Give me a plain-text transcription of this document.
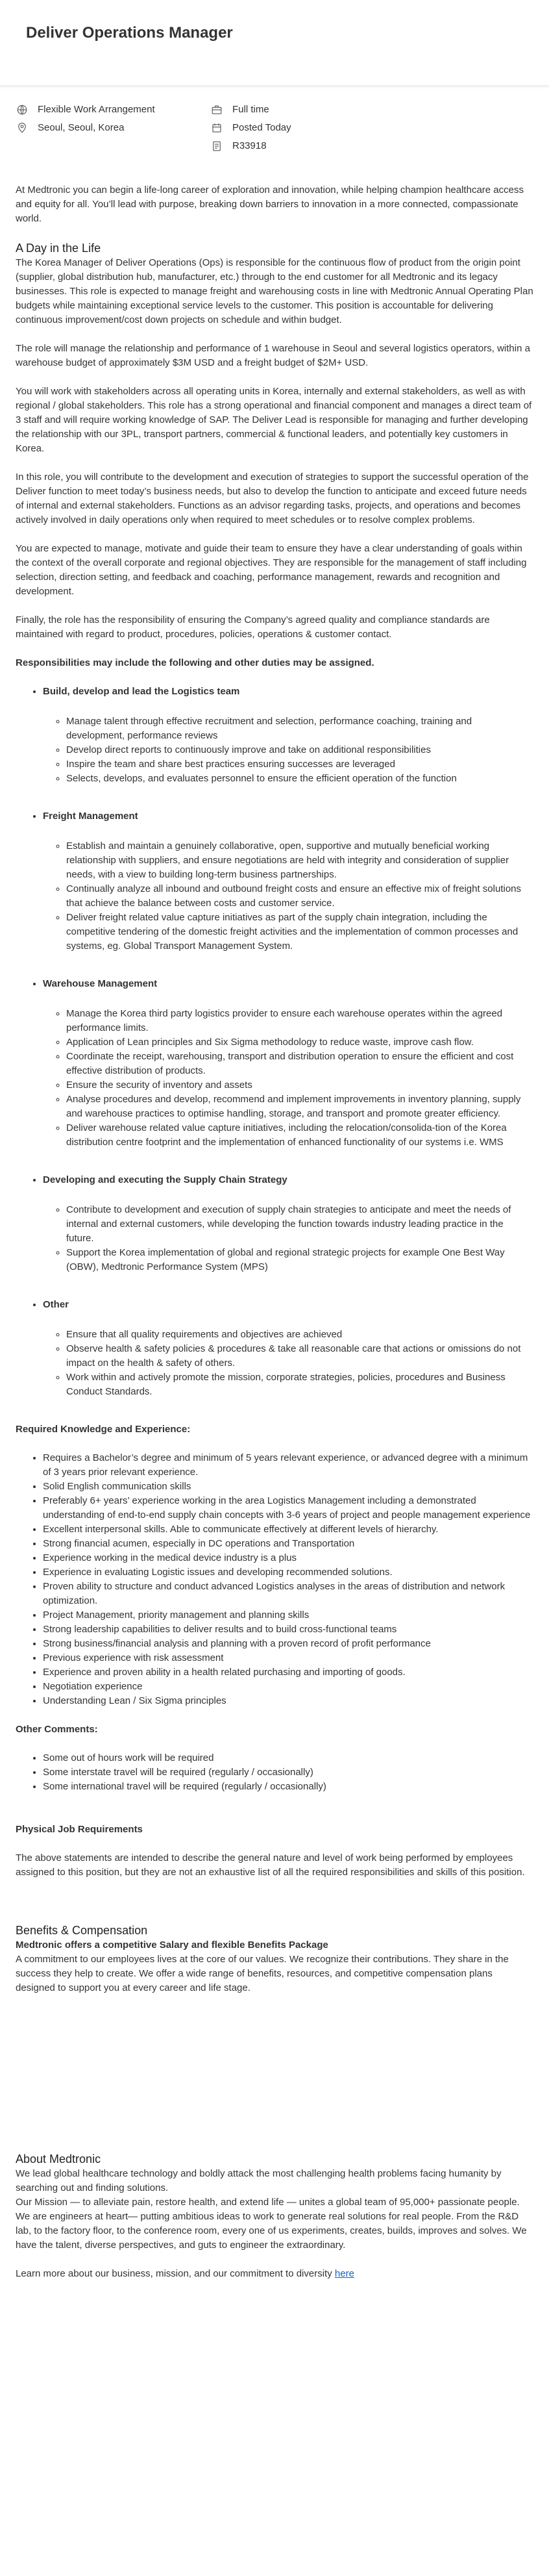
Deliver Operations Manager
Flexible Work Arrangement	Full time
Seoul, Seoul, Korea	Posted Today
R33918

At Medtronic you can begin a life-long career of exploration and innovation, while helping champion healthcare access and equity for all. You’ll lead with purpose, breaking down barriers to innovation in a more connected, compassionate world.

A Day in the Life

The Korea Manager of Deliver Operations (Ops) is responsible for the continuous flow of product from the origin point (supplier, global distribution hub, manufacturer, etc.) through to the end customer for all Medtronic and its legacy businesses. This role is expected to manage freight and warehousing costs in line with Medtronic Annual Operating Plan budgets while maintaining exceptional service levels to the customer. This position is accountable for delivering continuous improvement/cost down projects on schedule and within budget.

The role will manage the relationship and performance of 1 warehouse in Seoul and several logistics operators, within a warehouse budget of approximately $3M USD and a freight budget of $2M+ USD.

You will work with stakeholders across all operating units in Korea, internally and external stakeholders, as well as with regional / global stakeholders. This role has a strong operational and financial component and manages a direct team of 3 staff and will require working knowledge of SAP. The Deliver Lead is responsible for managing and further developing the relationship with our 3PL, transport partners, commercial & functional leaders, and potentially key customers in Korea.

In this role, you will contribute to the development and execution of strategies to support the successful operation of the Deliver function to meet today’s business needs, but also to develop the function to anticipate and exceed future needs of internal and external stakeholders. Functions as an advisor regarding tasks, projects, and operations and becomes actively involved in daily operations only when required to meet schedules or to resolve complex problems.

You are expected to manage, motivate and guide their team to ensure they have a clear understanding of goals within the context of the overall corporate and regional objectives. They are responsible for the management of staff including selection, direction setting, and feedback and coaching, performance management, rewards and recognition and development.

Finally, the role has the responsibility of ensuring the Company’s agreed quality and compliance standards are maintained with regard to product, procedures, policies, operations & customer contact.

Responsibilities may include the following and other duties may be assigned.

• Build, develop and lead the Logistics team
◦ Manage talent through effective recruitment and selection, performance coaching, training and development, performance reviews
◦ Develop direct reports to continuously improve and take on additional responsibilities
◦ Inspire the team and share best practices ensuring successes are leveraged
◦ Selects, develops, and evaluates personnel to ensure the efficient operation of the function
• Freight Management
◦ Establish and maintain a genuinely collaborative, open, supportive and mutually beneficial working relationship with suppliers, and ensure negotiations are held with integrity and consideration of supplier needs, with a view to building long-term business partnerships.
◦ Continually analyze all inbound and outbound freight costs and ensure an effective mix of freight solutions that achieve the balance between costs and customer service.
◦ Deliver freight related value capture initiatives as part of the supply chain integration, including the competitive tendering of the domestic freight activities and the implementation of common processes and systems, eg. Global Transport Management System.
• Warehouse Management
◦ Manage the Korea third party logistics provider to ensure each warehouse operates within the agreed performance limits.
◦ Application of Lean principles and Six Sigma methodology to reduce waste, improve cash flow.
◦ Coordinate the receipt, warehousing, transport and distribution operation to ensure the efficient and cost effective distribution of products.
◦ Ensure the security of inventory and assets
◦ Analyse procedures and develop, recommend and implement improvements in inventory planning, supply and warehouse practices to optimise handling, storage, and transport and promote greater efficiency.
◦ Deliver warehouse related value capture initiatives, including the relocation/consolida-tion of the Korea distribution centre footprint and the implementation of enhanced functionality of our systems i.e. WMS
• Developing and executing the Supply Chain Strategy
◦ Contribute to development and execution of supply chain strategies to anticipate and meet the needs of internal and external customers, while developing the function towards industry leading practice in the future.
◦ Support the Korea implementation of global and regional strategic projects for example One Best Way (OBW), Medtronic Performance System (MPS)
• Other
◦ Ensure that all quality requirements and objectives are achieved
◦ Observe health & safety policies & procedures & take all reasonable care that actions or omissions do not impact on the health & safety of others.
◦ Work within and actively promote the mission, corporate strategies, policies, procedures and Business Conduct Standards.
Required Knowledge and Experience:
• Requires a Bachelor’s degree and minimum of 5 years relevant experience, or advanced degree with a minimum of 3 years prior relevant experience.
• Solid English communication skills
• Preferably 6+ years’ experience working in the area Logistics Management including a demonstrated understanding of end-to-end supply chain concepts with 3-6 years of project and people management experience
• Excellent interpersonal skills. Able to communicate effectively at different levels of hierarchy.
• Strong financial acumen, especially in DC operations and Transportation
• Experience working in the medical device industry is a plus
• Experience in evaluating Logistic issues and developing recommended solutions.
• Proven ability to structure and conduct advanced Logistics analyses in the areas of distribution and network optimization.
• Project Management, priority management and planning skills
• Strong leadership capabilities to deliver results and to build cross-functional teams
• Strong business/financial analysis and planning with a proven record of profit performance
• Previous experience with risk assessment
• Experience and proven ability in a health related purchasing and importing of goods.
• Negotiation experience
• Understanding Lean / Six Sigma principles
Other Comments:
• Some out of hours work will be required
• Some interstate travel will be required (regularly / occasionally)
• Some international travel will be required (regularly / occasionally)
Physical Job Requirements

The above statements are intended to describe the general nature and level of work being performed by employees assigned to this position, but they are not an exhaustive list of all the required responsibilities and skills of this position.

Benefits & Compensation
Medtronic offers a competitive Salary and flexible Benefits Package

A commitment to our employees lives at the core of our values. We recognize their contributions. They share in the success they help to create. We offer a wide range of benefits, resources, and competitive compensation plans designed to support you at every career and life stage.

About Medtronic
We lead global healthcare technology and boldly attack the most challenging health problems facing humanity by searching out and finding solutions.
Our Mission — to alleviate pain, restore health, and extend life — unites a global team of 95,000+ passionate people.

We are engineers at heart— putting ambitious ideas to work to generate real solutions for real people. From the R&D lab, to the factory floor, to the conference room, every one of us experiments, creates, builds, improves and solves. We have the talent, diverse perspectives, and guts to engineer the extraordinary.

Learn more about our business, mission, and our commitment to diversity here
